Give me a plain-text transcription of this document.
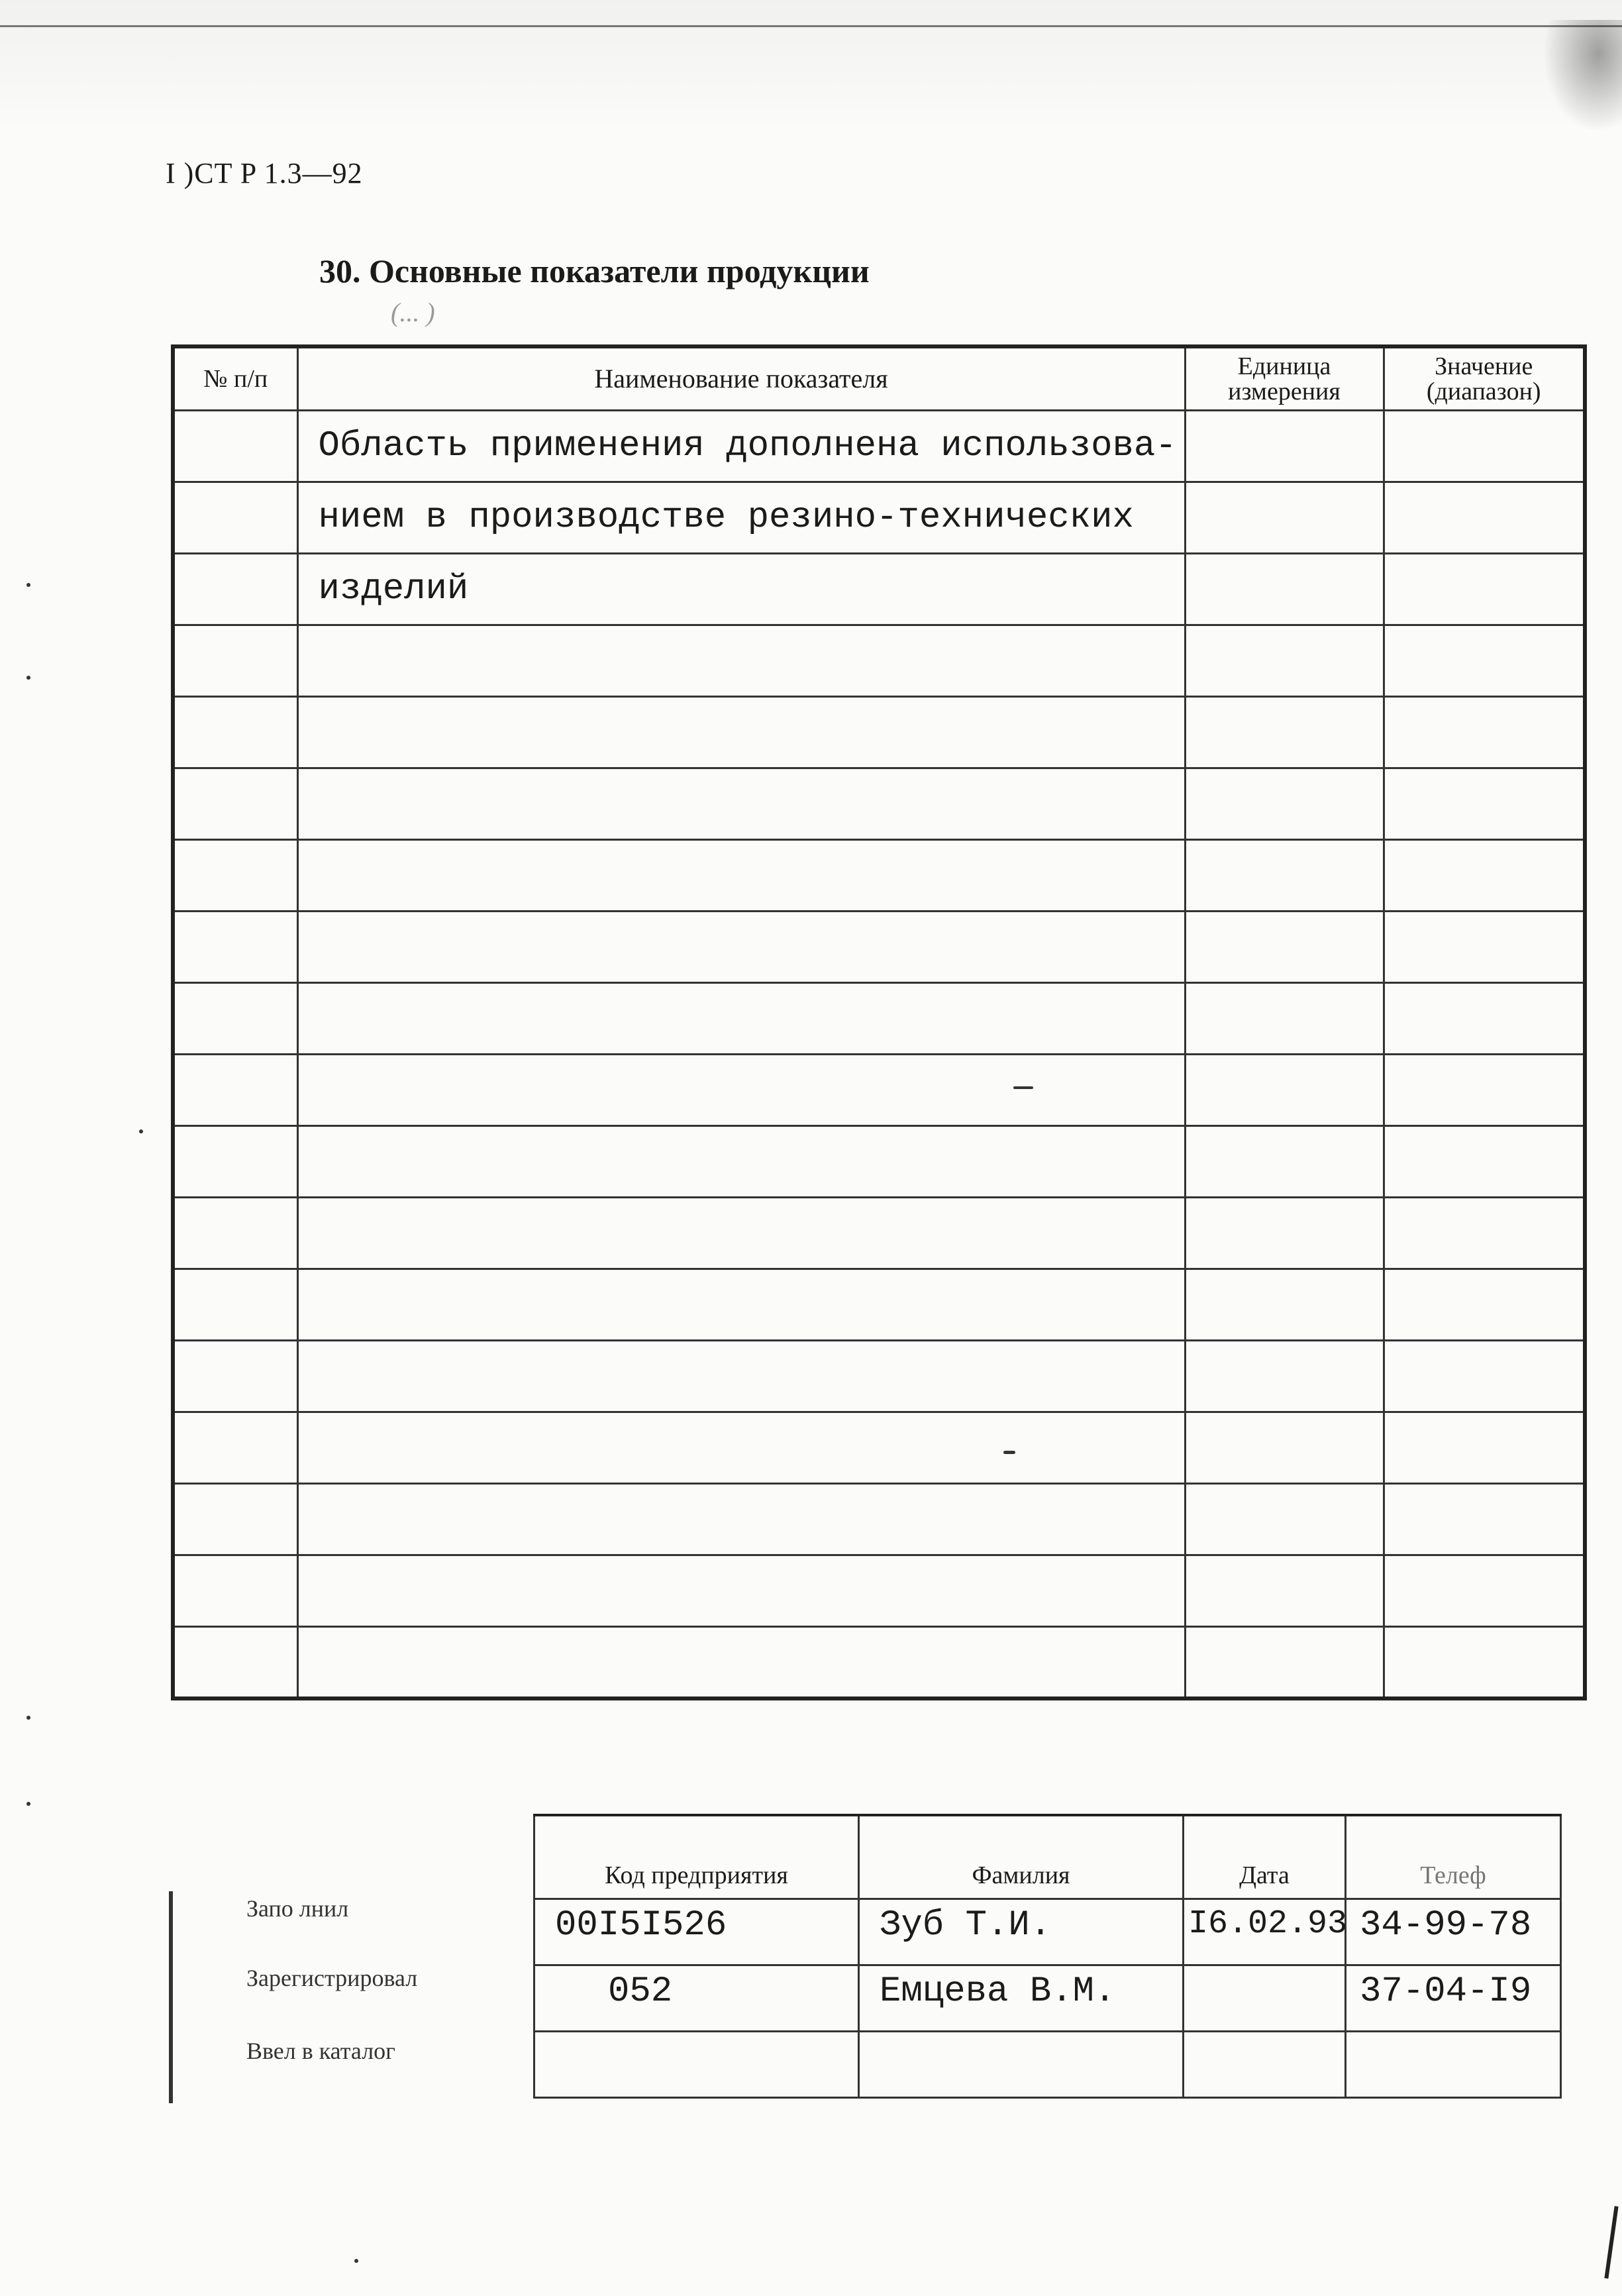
I )CT P 1.3—92
30. Основные показатели продукции
(... )
№ п/п	Наименование показателя	Единица измерения	Значение (диапазон)
	Область применения дополнена использова-		
	нием в производстве резино-технических		
	изделий		

Запо лнил
Зарегистрировал
Ввел в каталог
Код предприятия	Фамилия	Дата	Телеф
00I5I526	Зуб Т.И.	I6.02.93	34-99-78
052	Емцева В.М.		37-04-I9
